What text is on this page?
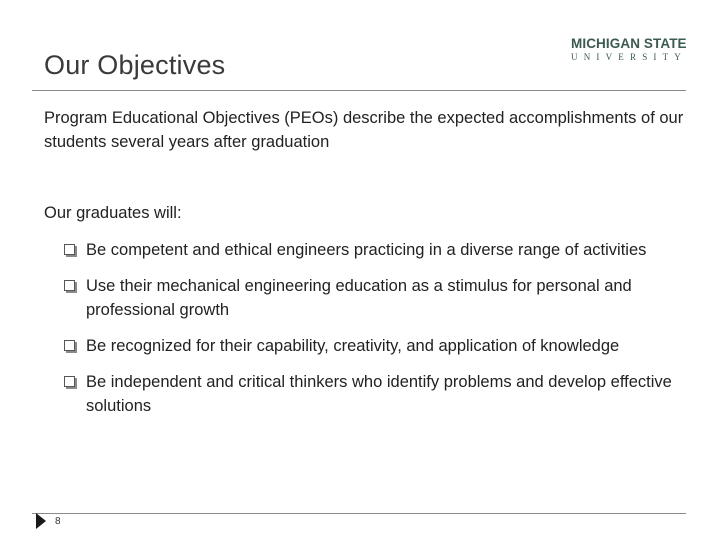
Our Objectives
MICHIGAN STATE
UNIVERSITY
Program Educational Objectives (PEOs) describe the expected accomplishments of our students several years after graduation
Our graduates will:
Be competent and ethical engineers practicing in a diverse range of activities
Use their mechanical engineering education as a stimulus for personal and professional growth
Be recognized for their capability, creativity, and application of knowledge
Be independent and critical thinkers who identify problems and develop effective solutions
8
